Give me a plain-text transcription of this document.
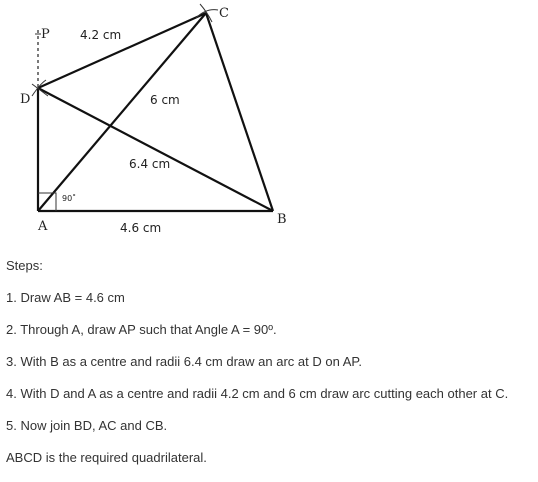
P
C
D
A	B
4.2 cm
6 cm
6.4 cm
4.6 cm
90˚

Steps:

1. Draw AB = 4.6 cm

2. Through A, draw AP such that Angle A = 90º.

3. With B as a centre and radii 6.4 cm draw an arc at D on AP.

4. With D and A as a centre and radii 4.2 cm and 6 cm draw arc cutting each other at C.

5. Now join BD, AC and CB.

ABCD is the required quadrilateral.
